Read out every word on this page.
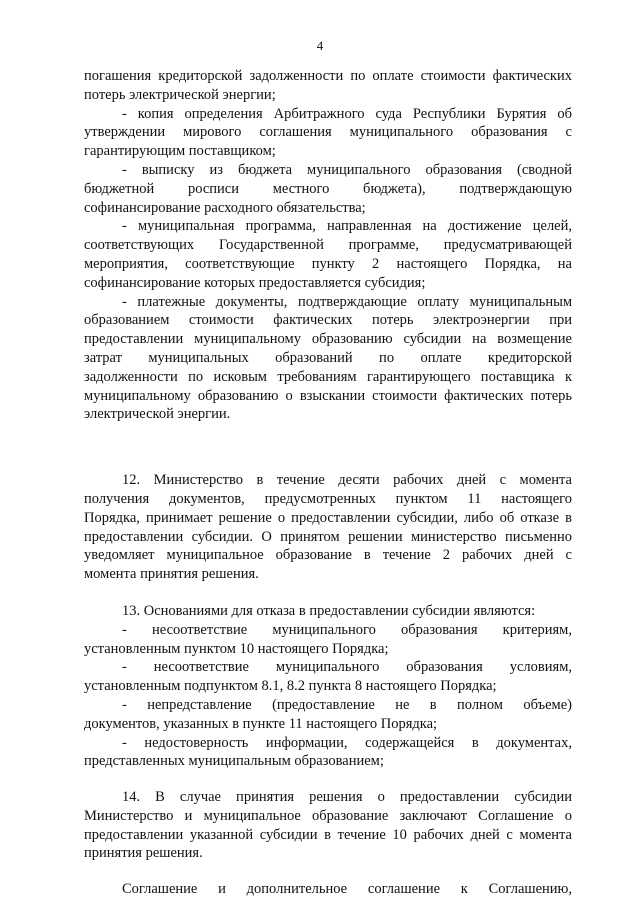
4
погашения кредиторской задолженности по оплате стоимости фактических
потерь электрической энергии;
- копия определения Арбитражного суда Республики Бурятия об
утверждении мирового соглашения муниципального образования с
гарантирующим поставщиком;
- выписку из бюджета муниципального образования (сводной
бюджетной росписи местного бюджета), подтверждающую
софинансирование расходного обязательства;
- муниципальная программа, направленная на достижение целей,
соответствующих Государственной программе, предусматривающей
мероприятия, соответствующие пункту 2 настоящего Порядка, на
софинансирование которых предоставляется субсидия;
- платежные документы, подтверждающие оплату муниципальным
образованием стоимости фактических потерь электроэнергии при
предоставлении муниципальному образованию субсидии на возмещение
затрат муниципальных образований по оплате кредиторской
задолженности по исковым требованиям гарантирующего поставщика к
муниципальному образованию о взыскании стоимости фактических потерь
электрической энергии.
12. Министерство в течение десяти рабочих дней с момента
получения документов, предусмотренных пунктом 11 настоящего
Порядка, принимает решение о предоставлении субсидии, либо об отказе в
предоставлении субсидии. О принятом решении министерство письменно
уведомляет муниципальное образование в течение 2 рабочих дней с
момента принятия решения.
13. Основаниями для отказа в предоставлении субсидии являются:
- несоответствие муниципального образования критериям,
установленным пунктом 10 настоящего Порядка;
- несоответствие муниципального образования условиям,
установленным подпунктом 8.1, 8.2 пункта 8 настоящего Порядка;
- непредставление (предоставление не в полном объеме)
документов, указанных в пункте 11 настоящего Порядка;
- недостоверность информации, содержащейся в документах,
представленных муниципальным образованием;
14. В случае принятия решения о предоставлении субсидии
Министерство и муниципальное образование заключают Соглашение о
предоставлении указанной субсидии в течение 10 рабочих дней с момента
принятия решения.
Соглашение и дополнительное соглашение к Соглашению,
